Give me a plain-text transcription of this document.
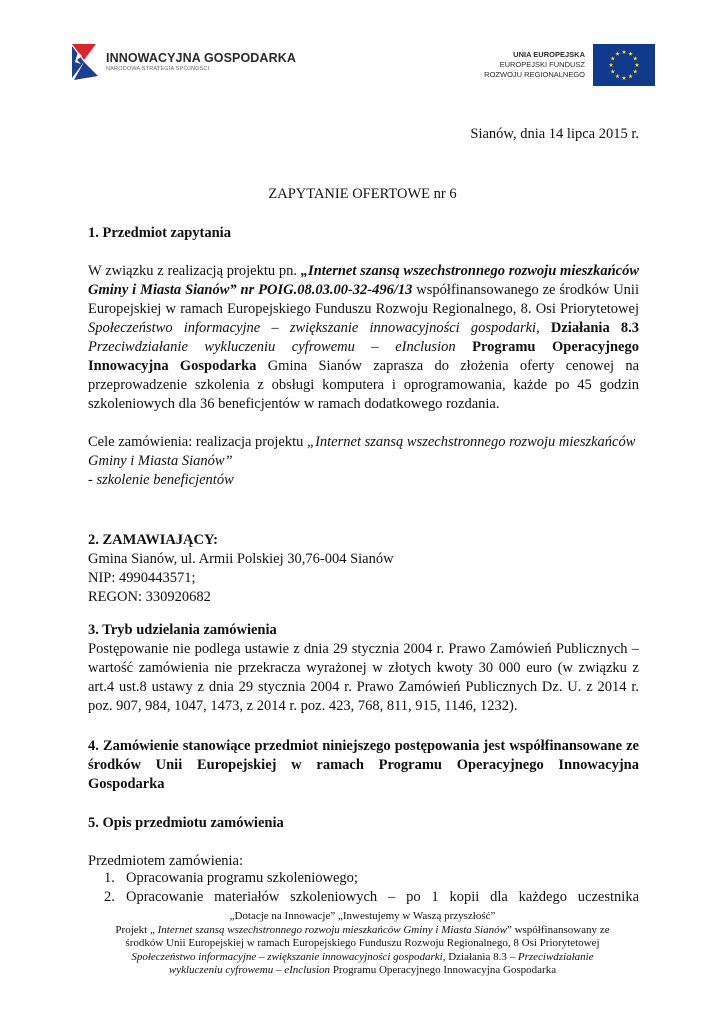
INNOWACYJNA GOSPODARKA
NARODOWA STRATEGIA SPÓJNOŚCI
UNIA EUROPEJSKA
EUROPEJSKI FUNDUSZ
ROZWOJU REGIONALNEGO
Sianów, dnia 14 lipca 2015 r.
ZAPYTANIE OFERTOWE nr 6
1. Przedmiot zapytania
W związku z realizacją projektu pn. „Internet szansą wszechstronnego rozwoju mieszkańców Gminy i Miasta Sianów” nr POIG.08.03.00-32-496/13 współfinansowanego ze środków Unii Europejskiej w ramach Europejskiego Funduszu Rozwoju Regionalnego, 8. Osi Priorytetowej Społeczeństwo informacyjne – zwiększanie innowacyjności gospodarki, Działania 8.3 Przeciwdziałanie wykluczeniu cyfrowemu – eInclusion Programu Operacyjnego Innowacyjna Gospodarka Gmina Sianów zaprasza do złożenia oferty cenowej na przeprowadzenie szkolenia z obsługi komputera i oprogramowania, każde po 45 godzin szkoleniowych dla 36 beneficjentów w ramach dodatkowego rozdania.
Cele zamówienia: realizacja projektu „Internet szansą wszechstronnego rozwoju mieszkańców Gminy i Miasta Sianów”
- szkolenie beneficjentów
2. ZAMAWIAJĄCY:
Gmina Sianów, ul. Armii Polskiej 30,76-004 Sianów
NIP: 4990443571;
REGON: 330920682
3. Tryb udzielania zamówienia
Postępowanie nie podlega ustawie z dnia 29 stycznia 2004 r. Prawo Zamówień Publicznych – wartość zamówienia nie przekracza wyrażonej w złotych kwoty 30 000 euro (w związku z art.4 ust.8 ustawy z dnia 29 stycznia 2004 r. Prawo Zamówień Publicznych Dz. U. z 2014 r. poz. 907, 984, 1047, 1473, z 2014 r. poz. 423, 768, 811, 915, 1146, 1232).
4. Zamówienie stanowiące przedmiot niniejszego postępowania jest współfinansowane ze środków Unii Europejskiej w ramach Programu Operacyjnego Innowacyjna Gospodarka
5. Opis przedmiotu zamówienia
Przedmiotem zamówienia:
1. Opracowania programu szkoleniowego;
2. Opracowanie materiałów szkoleniowych – po 1 kopii dla każdego uczestnika
„Dotacje na Innowacje” „Inwestujemy w Waszą przyszłość”
Projekt „ Internet szansą wszechstronnego rozwoju mieszkańców Gminy i Miasta Sianów” współfinansowany ze
środków Unii Europejskiej w ramach Europejskiego Funduszu Rozwoju Regionalnego, 8 Osi Priorytetowej
Społeczeństwo informacyjne – zwiększanie innowacyjności gospodarki, Działania 8.3 – Przeciwdziałanie
wykluczeniu cyfrowemu – eInclusion Programu Operacyjnego Innowacyjna Gospodarka
